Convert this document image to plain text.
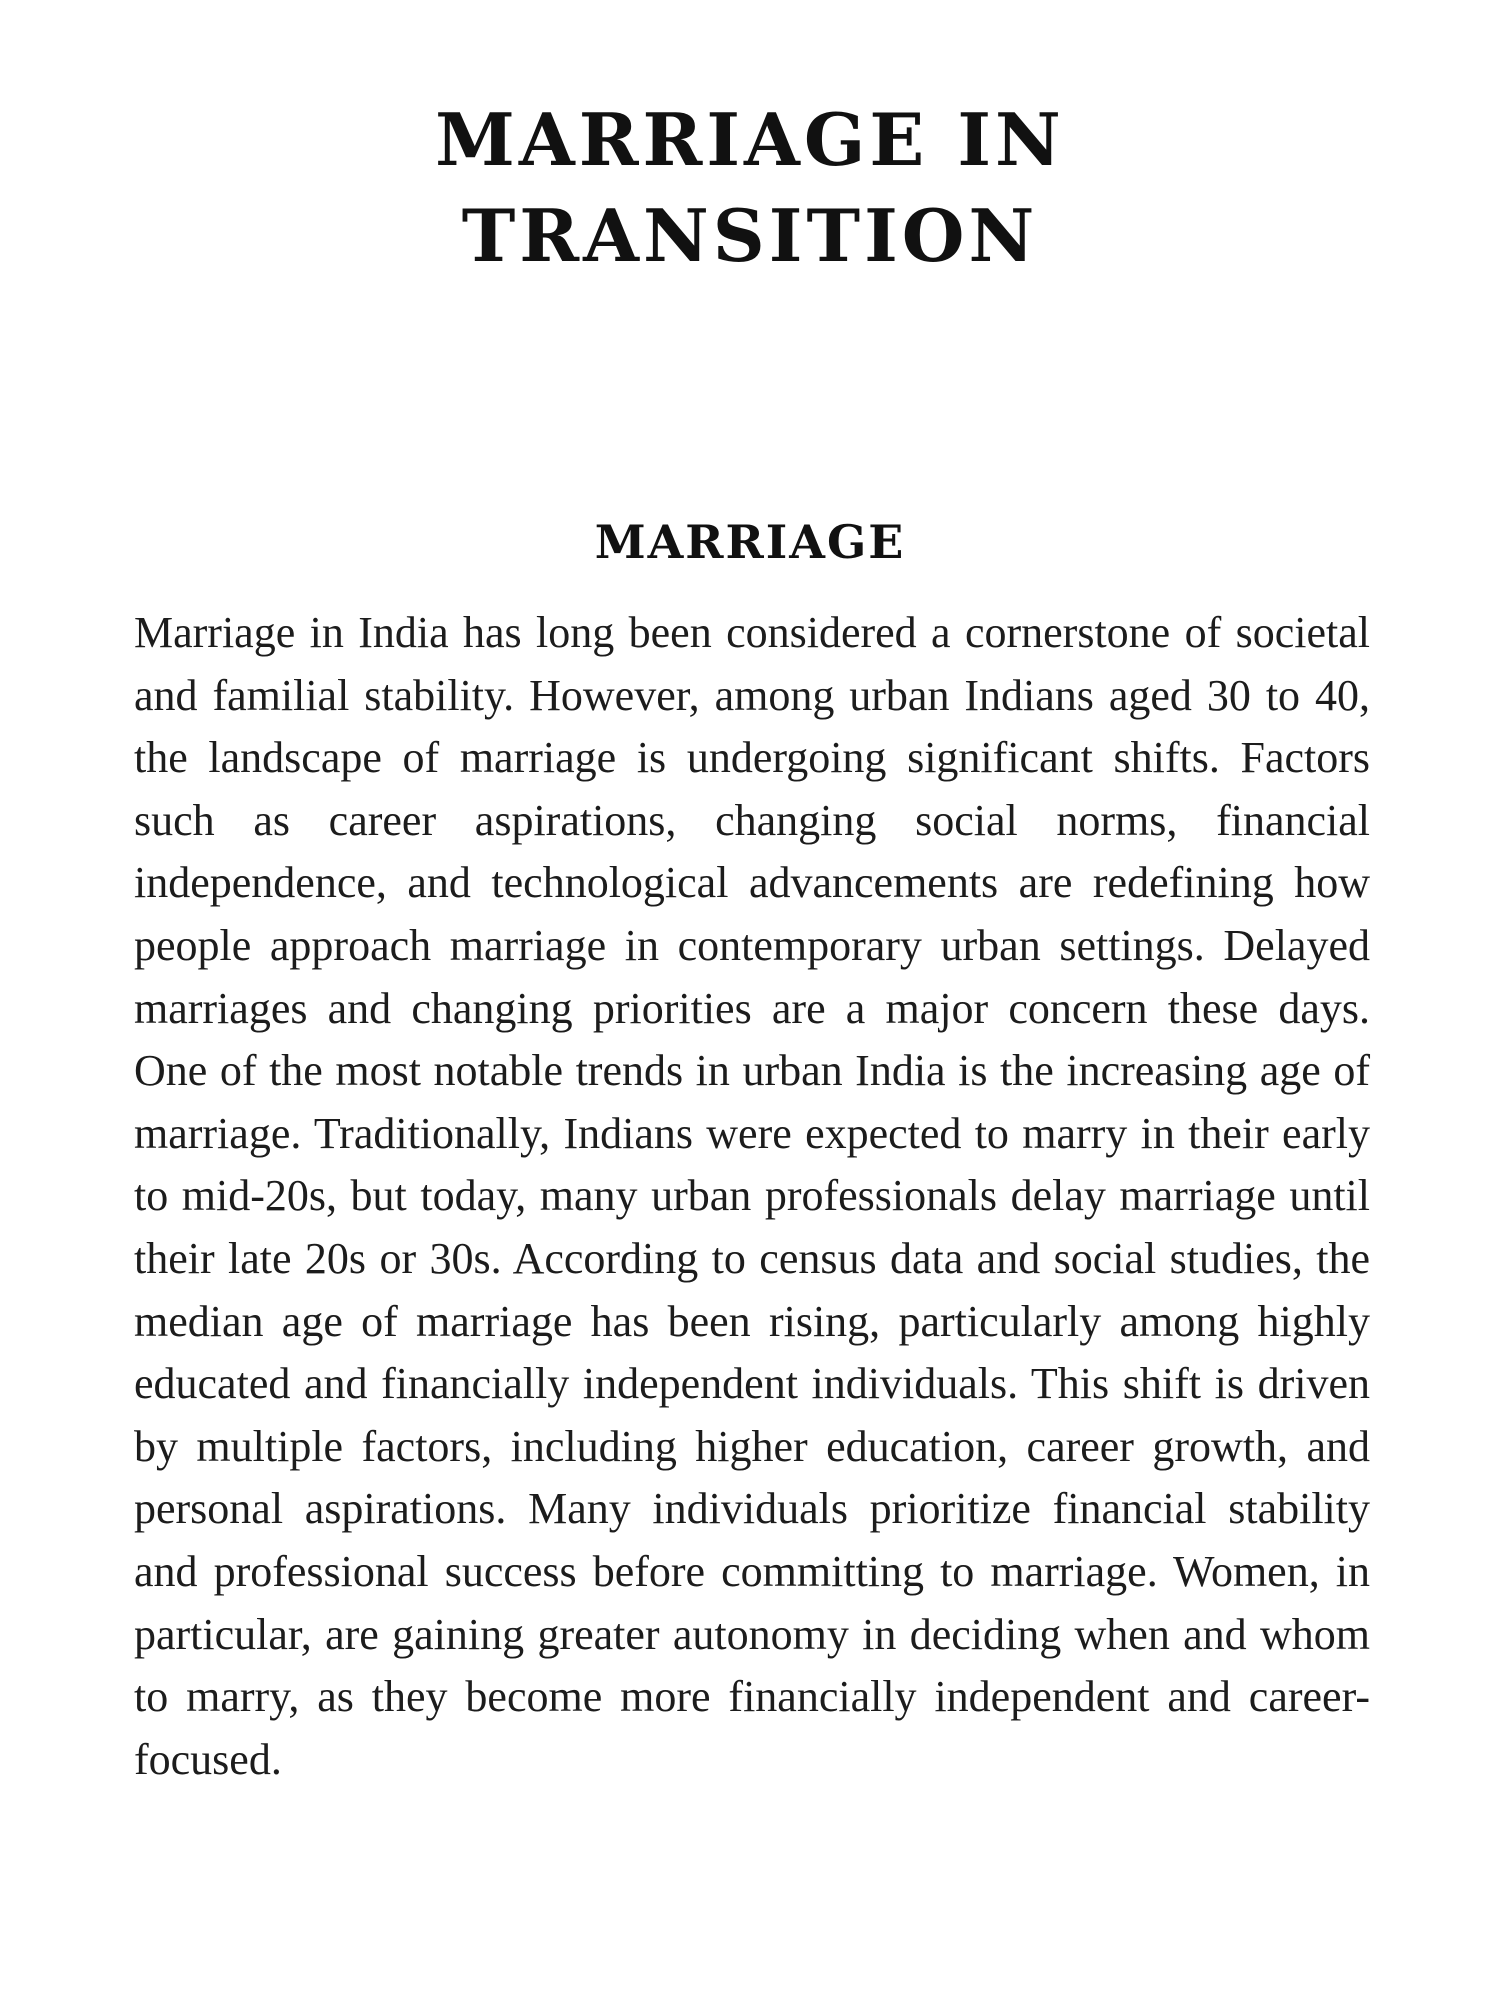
MARRIAGE IN
TRANSITION
MARRIAGE

Marriage in India has long been considered a cornerstone of societal and familial stability. However, among urban Indians aged 30 to 40, the landscape of marriage is undergoing significant shifts. Factors such as career aspirations, changing social norms, financial independence, and technological advancements are redefining how people approach marriage in contemporary urban settings. Delayed marriages and changing priorities are a major concern these days. One of the most notable trends in urban India is the increasing age of marriage. Traditionally, Indians were expected to marry in their early to mid-20s, but today, many urban professionals delay marriage until their late 20s or 30s. According to census data and social studies, the median age of marriage has been rising, particularly among highly educated and financially independent individuals. This shift is driven by multiple factors, including higher education, career growth, and personal aspirations. Many individuals prioritize financial stability and professional success before committing to marriage. Women, in particular, are gaining greater autonomy in deciding when and whom to marry, as they become more financially independent and career-focused.
